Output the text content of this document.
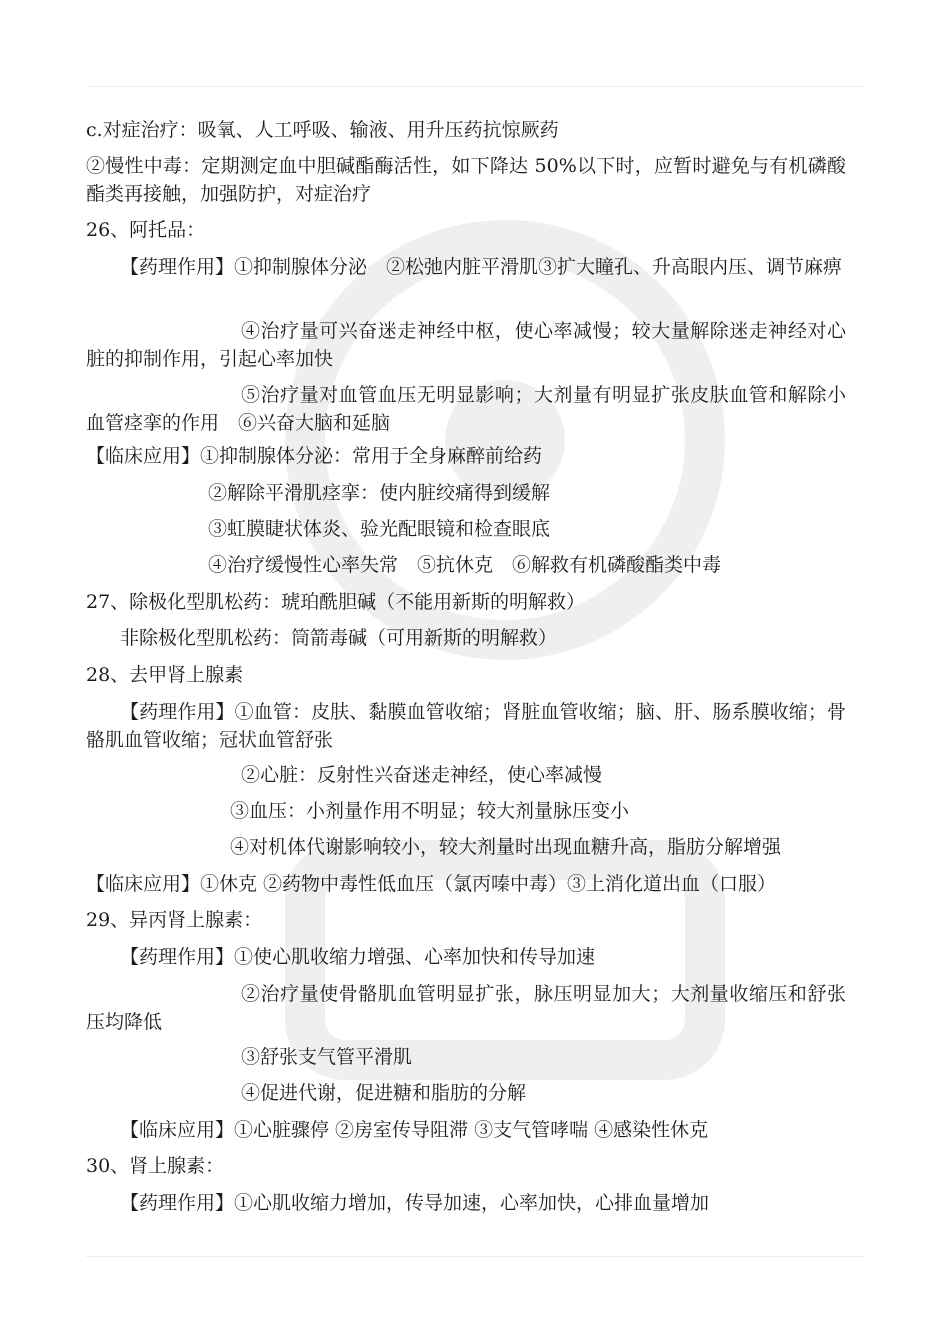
c.对症治疗：吸氧、人工呼吸、输液、用升压药抗惊厥药
②慢性中毒：定期测定血中胆碱酯酶活性，如下降达 50%以下时，应暂时避免与有机磷酸酯类再接触，加强防护，对症治疗
26、阿托品：
【药理作用】①抑制腺体分泌　②松弛内脏平滑肌③扩大瞳孔、升高眼内压、调节麻痹
④治疗量可兴奋迷走神经中枢，使心率减慢；较大量解除迷走神经对心脏的抑制作用，引起心率加快
⑤治疗量对血管血压无明显影响；大剂量有明显扩张皮肤血管和解除小血管痉挛的作用　⑥兴奋大脑和延脑
【临床应用】①抑制腺体分泌：常用于全身麻醉前给药
②解除平滑肌痉挛：使内脏绞痛得到缓解
③虹膜睫状体炎、验光配眼镜和检查眼底
④治疗缓慢性心率失常　⑤抗休克　⑥解救有机磷酸酯类中毒
27、除极化型肌松药：琥珀酰胆碱（不能用新斯的明解救）
非除极化型肌松药：筒箭毒碱（可用新斯的明解救）
28、去甲肾上腺素
【药理作用】①血管：皮肤、黏膜血管收缩；肾脏血管收缩；脑、肝、肠系膜收缩；骨骼肌血管收缩；冠状血管舒张
②心脏：反射性兴奋迷走神经，使心率减慢
③血压：小剂量作用不明显；较大剂量脉压变小
④对机体代谢影响较小，较大剂量时出现血糖升高，脂肪分解增强
【临床应用】①休克 ②药物中毒性低血压（氯丙嗪中毒）③上消化道出血（口服）
29、异丙肾上腺素：
【药理作用】①使心肌收缩力增强、心率加快和传导加速
②治疗量使骨骼肌血管明显扩张，脉压明显加大；大剂量收缩压和舒张压均降低
③舒张支气管平滑肌
④促进代谢，促进糖和脂肪的分解
【临床应用】①心脏骤停 ②房室传导阻滞 ③支气管哮喘 ④感染性休克
30、肾上腺素：
【药理作用】①心肌收缩力增加，传导加速，心率加快，心排血量增加
